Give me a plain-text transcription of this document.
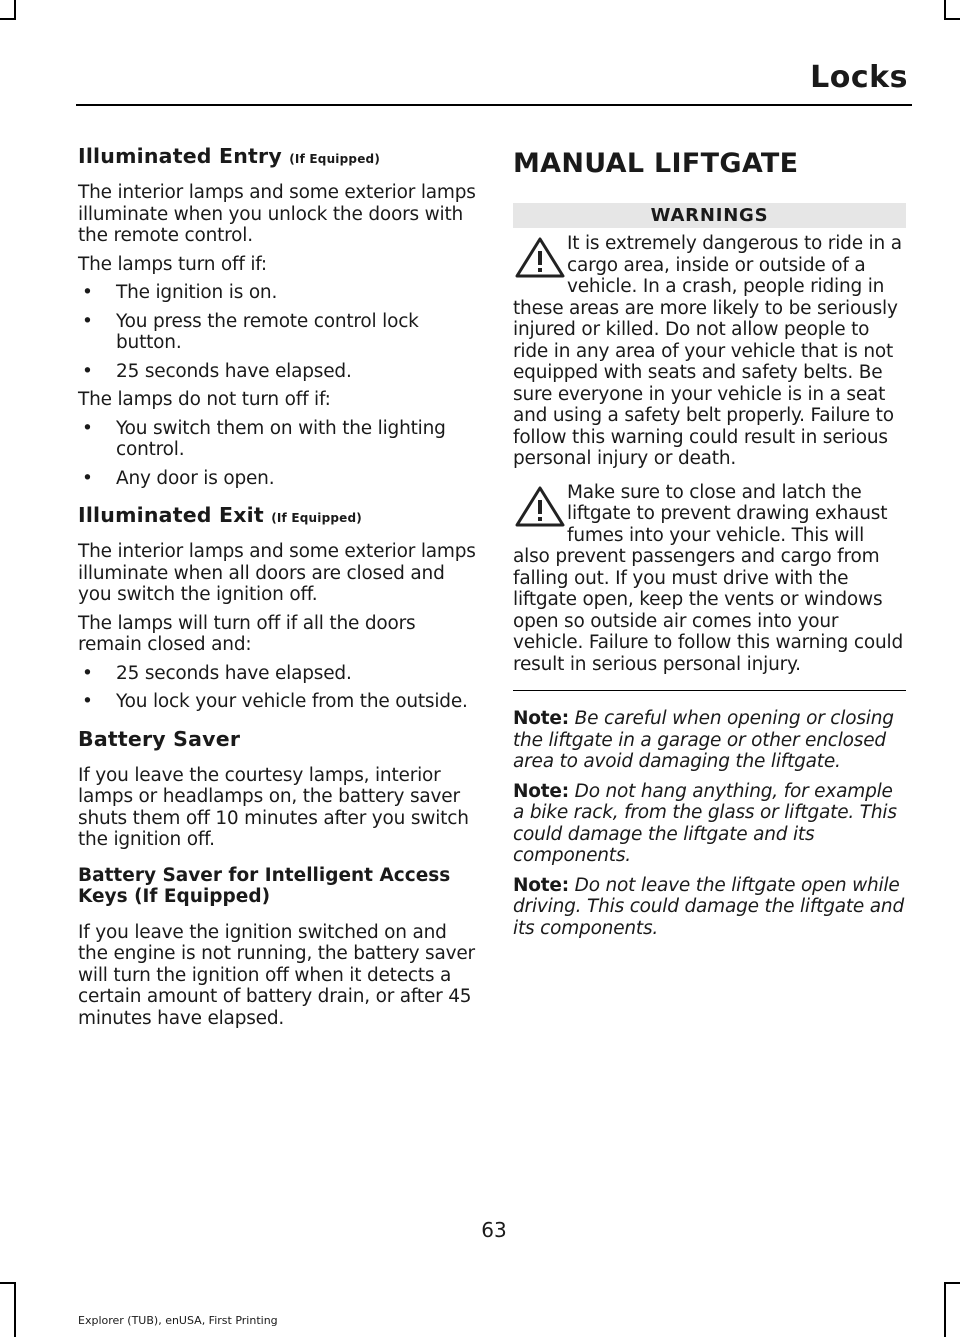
Locks
Illuminated Entry (If Equipped)

The interior lamps and some exterior lamps illuminate when you unlock the doors with the remote control.

The lamps turn off if:

• The ignition is on.
• You press the remote control lock button.
• 25 seconds have elapsed.

The lamps do not turn off if:

• You switch them on with the lighting control.
• Any door is open.
Illuminated Exit (If Equipped)

The interior lamps and some exterior lamps illuminate when all doors are closed and you switch the ignition off.

The lamps will turn off if all the doors remain closed and:

• 25 seconds have elapsed.
• You lock your vehicle from the outside.
Battery Saver

If you leave the courtesy lamps, interior lamps or headlamps on, the battery saver shuts them off 10 minutes after you switch the ignition off.

Battery Saver for Intelligent Access Keys (If Equipped)

If you leave the ignition switched on and the engine is not running, the battery saver will turn the ignition off when it detects a certain amount of battery drain, or after 45 minutes have elapsed.

MANUAL LIFTGATE
WARNINGS

It is extremely dangerous to ride in a cargo area, inside or outside of a vehicle. In a crash, people riding in these areas are more likely to be seriously injured or killed. Do not allow people to ride in any area of your vehicle that is not equipped with seats and safety belts. Be sure everyone in your vehicle is in a seat and using a safety belt properly. Failure to follow this warning could result in serious personal injury or death.

Make sure to close and latch the liftgate to prevent drawing exhaust fumes into your vehicle. This will also prevent passengers and cargo from falling out. If you must drive with the liftgate open, keep the vents or windows open so outside air comes into your vehicle. Failure to follow this warning could result in serious personal injury.

Note: Be careful when opening or closing the liftgate in a garage or other enclosed area to avoid damaging the liftgate.

Note: Do not hang anything, for example a bike rack, from the glass or liftgate. This could damage the liftgate and its components.

Note: Do not leave the liftgate open while driving. This could damage the liftgate and its components.

63
Explorer (TUB), enUSA, First Printing
